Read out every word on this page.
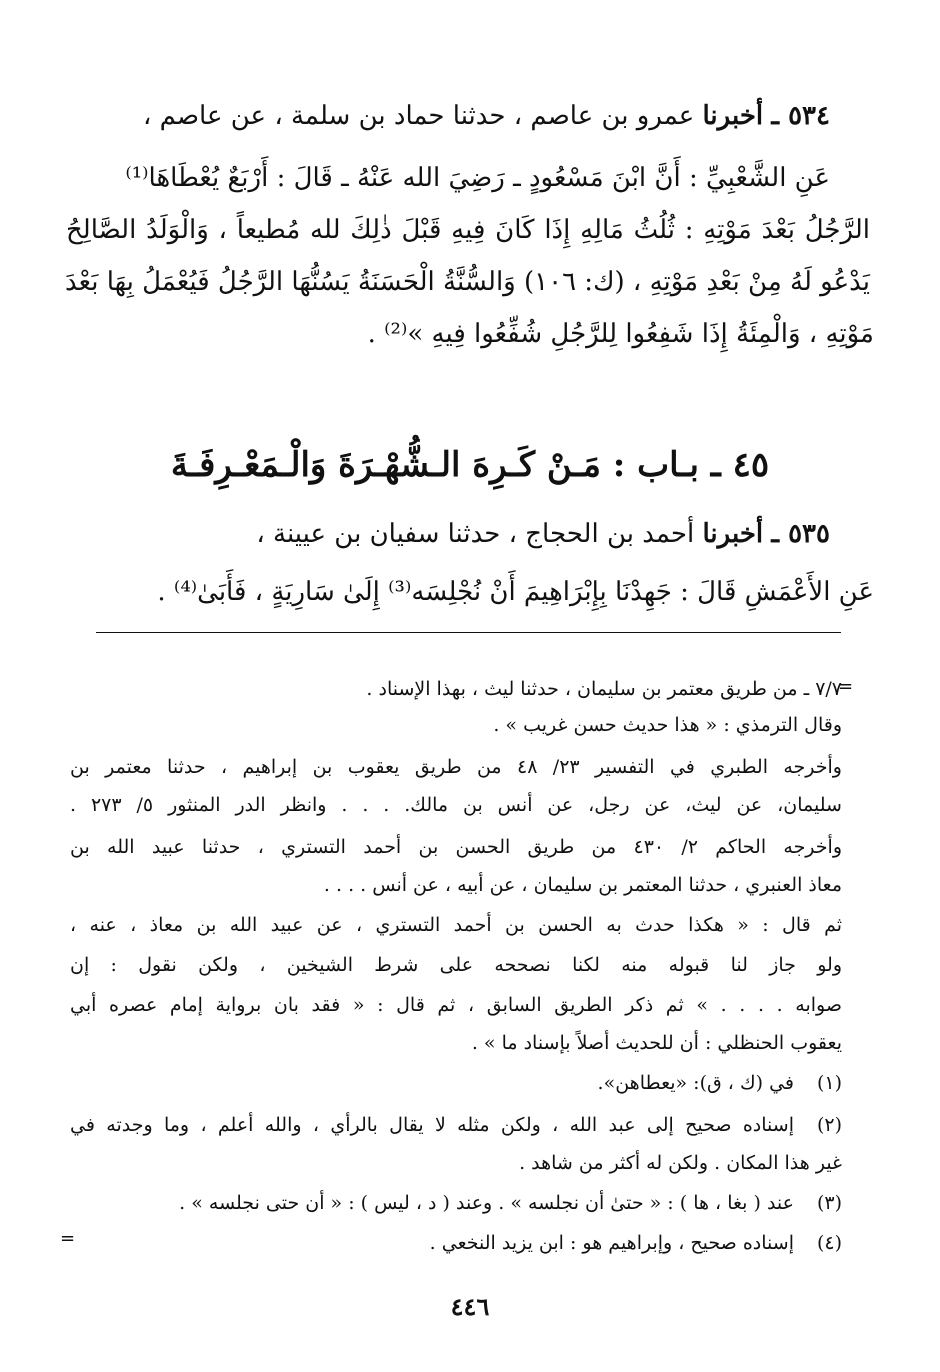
٥٣٤ ـ أخبرنا عمرو بن عاصم ، حدثنا حماد بن سلمة ، عن عاصم ،
عَنِ الشَّعْبِيِّ : أَنَّ ابْنَ مَسْعُودٍ ـ رَضِيَ الله عَنْهُ ـ قَالَ : أَرْبَعٌ يُعْطَاهَا⁽¹⁾
الرَّجُلُ بَعْدَ مَوْتِهِ : ثُلُثُ مَالِهِ إِذَا كَانَ فِيهِ قَبْلَ ذٰلِكَ لله مُطيعاً ، وَالْوَلَدُ الصَّالِحُ
يَدْعُو لَهُ مِنْ بَعْدِ مَوْتِهِ ، (ك: ١٠٦) وَالسُّنَّةُ الْحَسَنَةُ يَسُنُّهَا الرَّجُلُ فَيُعْمَلُ بِهَا بَعْدَ
مَوْتِهِ ، وَالْمِئَةُ إِذَا شَفِعُوا لِلرَّجُلِ شُفِّعُوا فِيهِ »⁽²⁾ .
٤٥ ـ بـاب : مَـنْ كَـرِهَ الـشُّهْـرَةَ وَالْـمَعْـرِفَـةَ
٥٣٥ ـ أخبرنا أحمد بن الحجاج ، حدثنا سفيان بن عيينة ،
عَنِ الأَعْمَشِ قَالَ : جَهِدْنَا بِإِبْرَاهِيمَ أَنْ نُجْلِسَه⁽³⁾ إِلَىٰ سَارِيَةٍ ، فَأَبَىٰ⁽⁴⁾ .
=
=
٧/٧ ـ من طريق معتمر بن سليمان ، حدثنا ليث ، بهذا الإسناد .
وقال الترمذي : « هذا حديث حسن غريب » .
وأخرجه الطبري في التفسير ٢٣/ ٤٨ من طريق يعقوب بن إبراهيم ، حدثنا معتمر بن
سليمان، عن ليث، عن رجل، عن أنس بن مالك. . . . وانظر الدر المنثور ٥/ ٢٧٣ .
وأخرجه الحاكم ٢/ ٤٣٠ من طريق الحسن بن أحمد التستري ، حدثنا عبيد الله بن
معاذ العنبري ، حدثنا المعتمر بن سليمان ، عن أبيه ، عن أنس . . . .
ثم قال : « هكذا حدث به الحسن بن أحمد التستري ، عن عبيد الله بن معاذ ، عنه ،
ولو جاز لنا قبوله منه لكنا نصححه على شرط الشيخين ، ولكن نقول : إن
صوابه . . . . » ثم ذكر الطريق السابق ، ثم قال : « فقد بان برواية إمام عصره أبي
يعقوب الحنظلي : أن للحديث أصلاً بإسناد ما » .
(١)
في (ك ، ق): «يعطاهن».
(٢)
إسناده صحيح إلى عبد الله ، ولكن مثله لا يقال بالرأي ، والله أعلم ، وما وجدته في
غير هذا المكان . ولكن له أكثر من شاهد .
(٣)
عند ( بغا ، ها ) : « حتىٰ أن نجلسه » . وعند ( د ، ليس ) : « أن حتى نجلسه » .
(٤)
إسناده صحيح ، وإبراهيم هو : ابن يزيد النخعي .
٤٤٦
